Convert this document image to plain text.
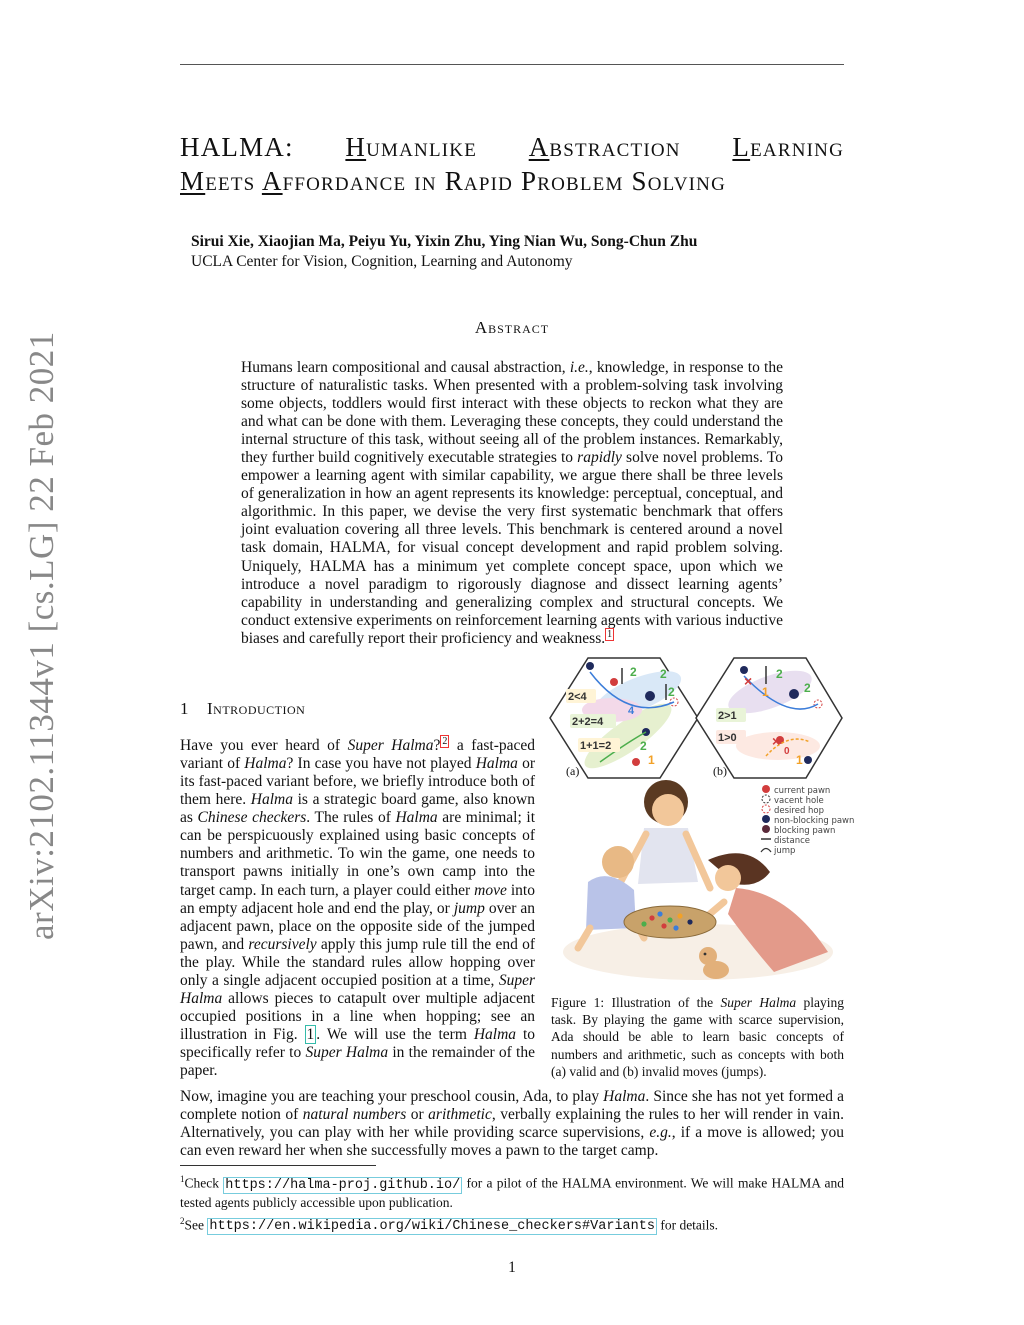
arXiv:2102.11344v1 [cs.LG] 22 Feb 2021
HALMA: Humanlike Abstraction Learning
Meets Affordance in Rapid Problem Solving
Sirui Xie, Xiaojian Ma, Peiyu Yu, Yixin Zhu, Ying Nian Wu, Song-Chun Zhu
UCLA Center for Vision, Cognition, Learning and Autonomy
Abstract
Humans learn compositional and causal abstraction, i.e., knowledge, in response to the structure of naturalistic tasks. When presented with a problem-solving task involving some objects, toddlers would first interact with these objects to reckon what they are and what can be done with them. Leveraging these concepts, they could understand the internal structure of this task, without seeing all of the problem instances. Remarkably, they further build cognitively executable strategies to rapidly solve novel problems. To empower a learning agent with similar capability, we argue there shall be three levels of generalization in how an agent represents its knowledge: perceptual, conceptual, and algorithmic. In this paper, we devise the very first systematic benchmark that offers joint evaluation covering all three levels. This benchmark is centered around a novel task domain, HALMA, for visual concept development and rapid problem solving. Uniquely, HALMA has a minimum yet complete concept space, upon which we introduce a novel paradigm to rigorously diagnose and dissect learning agents’ capability in understanding and generalizing complex and structural concepts. We conduct extensive experiments on reinforcement learning agents with various inductive biases and carefully report their proficiency and weakness. $^1$
1 Introduction
Have you ever heard of Super Halma? $^2$ a fast-paced variant of Halma? In case you have not played Halma or its fast-paced variant before, we briefly introduce both of them here. Halma is a strategic board game, also known as Chinese checkers. The rules of Halma are minimal; it can be perspicuously explained using basic concepts of numbers and arithmetic. To win the game, one needs to transport pawns initially in one’s own camp into the target camp. In each turn, a player could either move into an empty adjacent hole and end the play, or jump over an adjacent pawn, place on the opposite side of the jumped pawn, and recursively apply this jump rule till the end of the play. While the standard rules allow hopping over only a single adjacent occupied position at a time, Super Halma allows pieces to catapult over multiple adjacent occupied positions in a line when hopping; see an illustration in Fig. 1 . We will use the term Halma to specifically refer to Super Halma in the remainder of the paper.
2 2
2
4
2
1
2<4
2+2=4
1+1=2
(a)
×
×
2
2
1
0
1
2>1
1>0
(b)
current pawn
vacent hole
desired hop
non-blocking pawn
blocking pawn
distance
jump
Figure 1: Illustration of the Super Halma playing task. By playing the game with scarce supervision, Ada should be able to learn basic concepts of numbers and arithmetic, such as concepts with both (a) valid and (b) invalid moves (jumps).
Now, imagine you are teaching your preschool cousin, Ada, to play Halma. Since she has not yet formed a complete notion of natural numbers or arithmetic, verbally explaining the rules to her will render in vain. Alternatively, you can play with her while providing scarce supervisions, e.g., if a move is allowed; you can even reward her when she successfully moves a pawn to the target camp.

$^1$Check https://halma-proj.github.io/ for a pilot of the HALMA environment. We will make HALMA and tested agents publicly accessible upon publication.

$^2$See https://en.wikipedia.org/wiki/Chinese_checkers#Variants for details.

1
